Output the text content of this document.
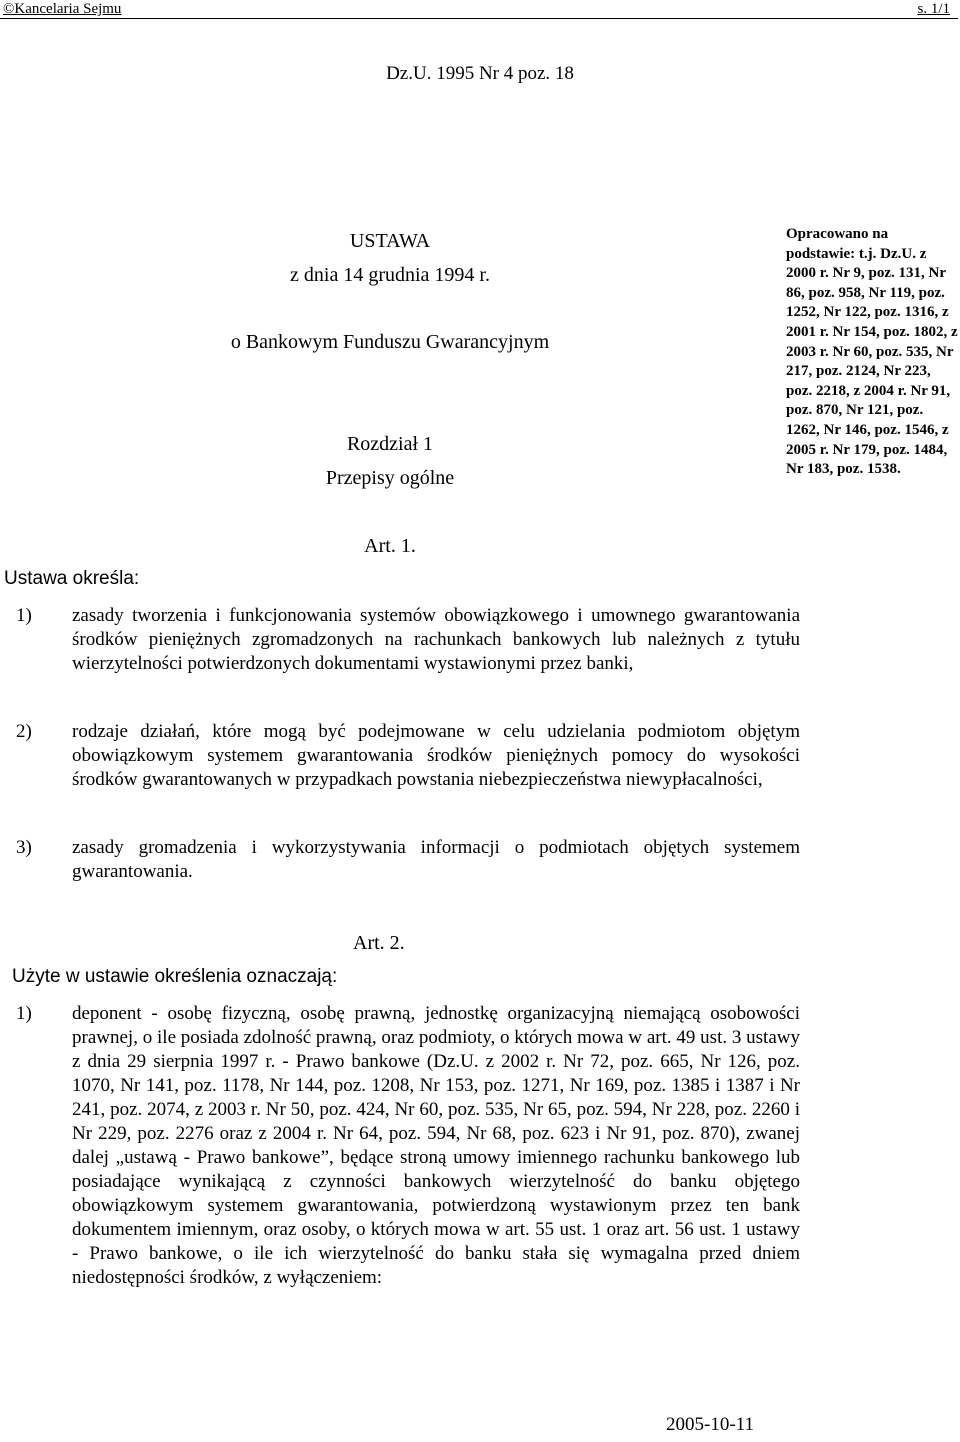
©Kancelaria Sejmu	s. 1/1
Dz.U. 1995 Nr 4 poz. 18
USTAWA
z dnia 14 grudnia 1994 r.
o Bankowym Funduszu Gwarancyjnym
Rozdział 1
Przepisy ogólne
Art. 1.
Opracowano na podstawie: t.j. Dz.U. z 2000 r. Nr 9, poz. 131, Nr 86, poz. 958, Nr 119, poz. 1252, Nr 122, poz. 1316, z 2001 r. Nr 154, poz. 1802, z 2003 r. Nr 60, poz. 535, Nr 217, poz. 2124, Nr 223, poz. 2218, z 2004 r. Nr 91, poz. 870, Nr 121, poz. 1262, Nr 146, poz. 1546, z 2005 r. Nr 179, poz. 1484, Nr 183, poz. 1538.
Ustawa określa:
1) zasady tworzenia i funkcjonowania systemów obowiązkowego i umownego gwarantowania środków pieniężnych zgromadzonych na rachunkach bankowych lub należnych z tytułu wierzytelności potwierdzonych dokumentami wystawionymi przez banki,
2) rodzaje działań, które mogą być podejmowane w celu udzielania podmiotom objętym obowiązkowym systemem gwarantowania środków pieniężnych pomocy do wysokości środków gwarantowanych w przypadkach powstania niebezpieczeństwa niewypłacalności,
3) zasady gromadzenia i wykorzystywania informacji o podmiotach objętych systemem gwarantowania.
Art. 2.
Użyte w ustawie określenia oznaczają:
1) deponent - osobę fizyczną, osobę prawną, jednostkę organizacyjną niemającą osobowości prawnej, o ile posiada zdolność prawną, oraz podmioty, o których mowa w art. 49 ust. 3 ustawy z dnia 29 sierpnia 1997 r. - Prawo bankowe (Dz.U. z 2002 r. Nr 72, poz. 665, Nr 126, poz. 1070, Nr 141, poz. 1178, Nr 144, poz. 1208, Nr 153, poz. 1271, Nr 169, poz. 1385 i 1387 i Nr 241, poz. 2074, z 2003 r. Nr 50, poz. 424, Nr 60, poz. 535, Nr 65, poz. 594, Nr 228, poz. 2260 i Nr 229, poz. 2276 oraz z 2004 r. Nr 64, poz. 594, Nr 68, poz. 623 i Nr 91, poz. 870), zwanej dalej „ustawą - Prawo bankowe”, będące stroną umowy imiennego rachunku bankowego lub posiadające wynikającą z czynności bankowych wierzytelność do banku objętego obowiązkowym systemem gwarantowania, potwierdzoną wystawionym przez ten bank dokumentem imiennym, oraz osoby, o których mowa w art. 55 ust. 1 oraz art. 56 ust. 1 ustawy - Prawo bankowe, o ile ich wierzytelność do banku stała się wymagalna przed dniem niedostępności środków, z wyłączeniem:
2005-10-11
